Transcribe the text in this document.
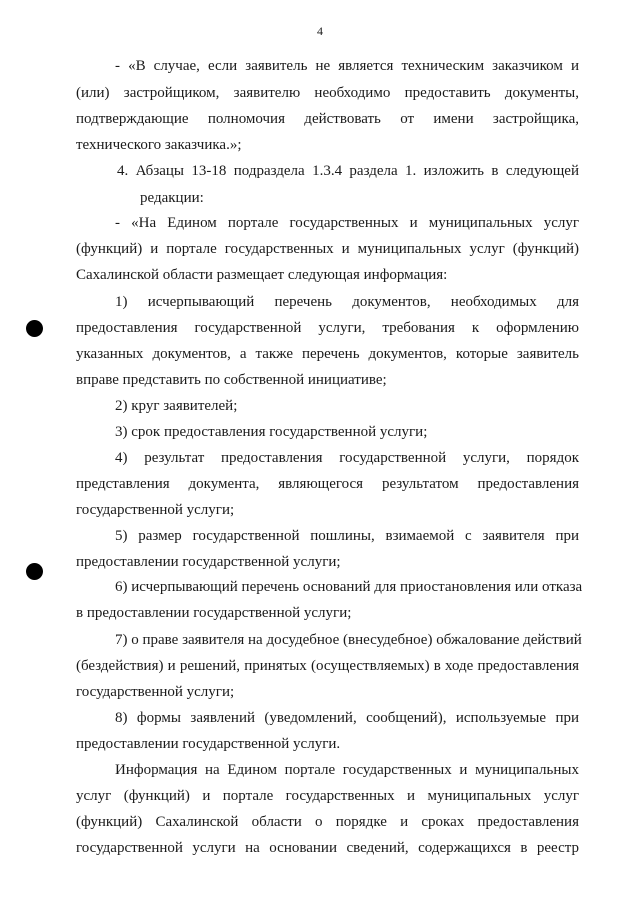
4
- «В случае, если заявитель не является техническим заказчиком и
(или) застройщиком, заявителю необходимо предоставить документы,
подтверждающие полномочия действовать от имени застройщика,
технического заказчика.»;
4. Абзацы 13-18 подраздела 1.3.4 раздела 1. изложить в следующей
редакции:
- «На Едином портале государственных и муниципальных услуг
(функций) и портале государственных и муниципальных услуг (функций)
Сахалинской области размещает следующая информация:
1) исчерпывающий перечень документов, необходимых для
предоставления государственной услуги, требования к оформлению
указанных документов, а также перечень документов, которые заявитель
вправе представить по собственной инициативе;
2) круг заявителей;
3) срок предоставления государственной услуги;
4) результат предоставления государственной услуги, порядок
представления документа, являющегося результатом предоставления
государственной услуги;
5) размер государственной пошлины, взимаемой с заявителя при
предоставлении государственной услуги;
6) исчерпывающий перечень оснований для приостановления или отказа
в предоставлении государственной услуги;
7) о праве заявителя на досудебное (внесудебное) обжалование действий
(бездействия) и решений, принятых (осуществляемых) в ходе предоставления
государственной услуги;
8) формы заявлений (уведомлений, сообщений), используемые при
предоставлении государственной услуги.
Информация на Едином портале государственных и муниципальных
услуг (функций) и портале государственных и муниципальных услуг
(функций) Сахалинской области о порядке и сроках предоставления
государственной услуги на основании сведений, содержащихся в реестр
